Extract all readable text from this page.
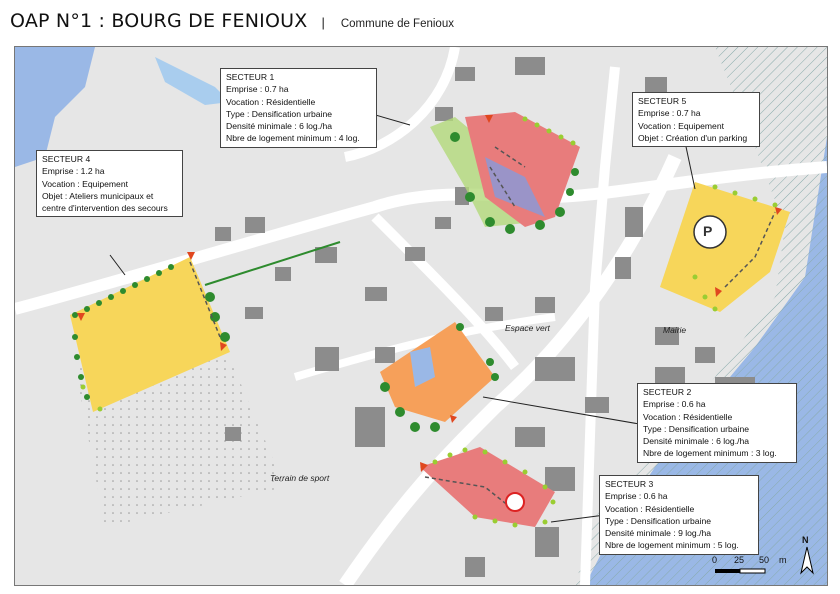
OAP N°1 : BOURG DE FENIOUX | Commune de Fenioux
P
Espace vert	Mairie
Terrain de sport
SECTEUR 1
Emprise : 0.7 ha
Vocation : Résidentielle
Type : Densification urbaine
Densité minimale : 6 log./ha
Nbre de logement minimum : 4 log.
SECTEUR 4
Emprise : 1.2 ha
Vocation : Equipement
Objet : Ateliers municipaux et
centre d'intervention des secours
SECTEUR 5
Emprise : 0.7 ha
Vocation : Equipement
Objet : Création d'un parking
SECTEUR 2
Emprise : 0.6 ha
Vocation : Résidentielle
Type : Densification urbaine
Densité minimale : 6 log./ha
Nbre de logement minimum : 3 log.
SECTEUR 3
Emprise : 0.6 ha
Vocation : Résidentielle
Type : Densification urbaine
Densité minimale : 9 log./ha
Nbre de logement minimum : 5 log.
0 25 50 m
N
